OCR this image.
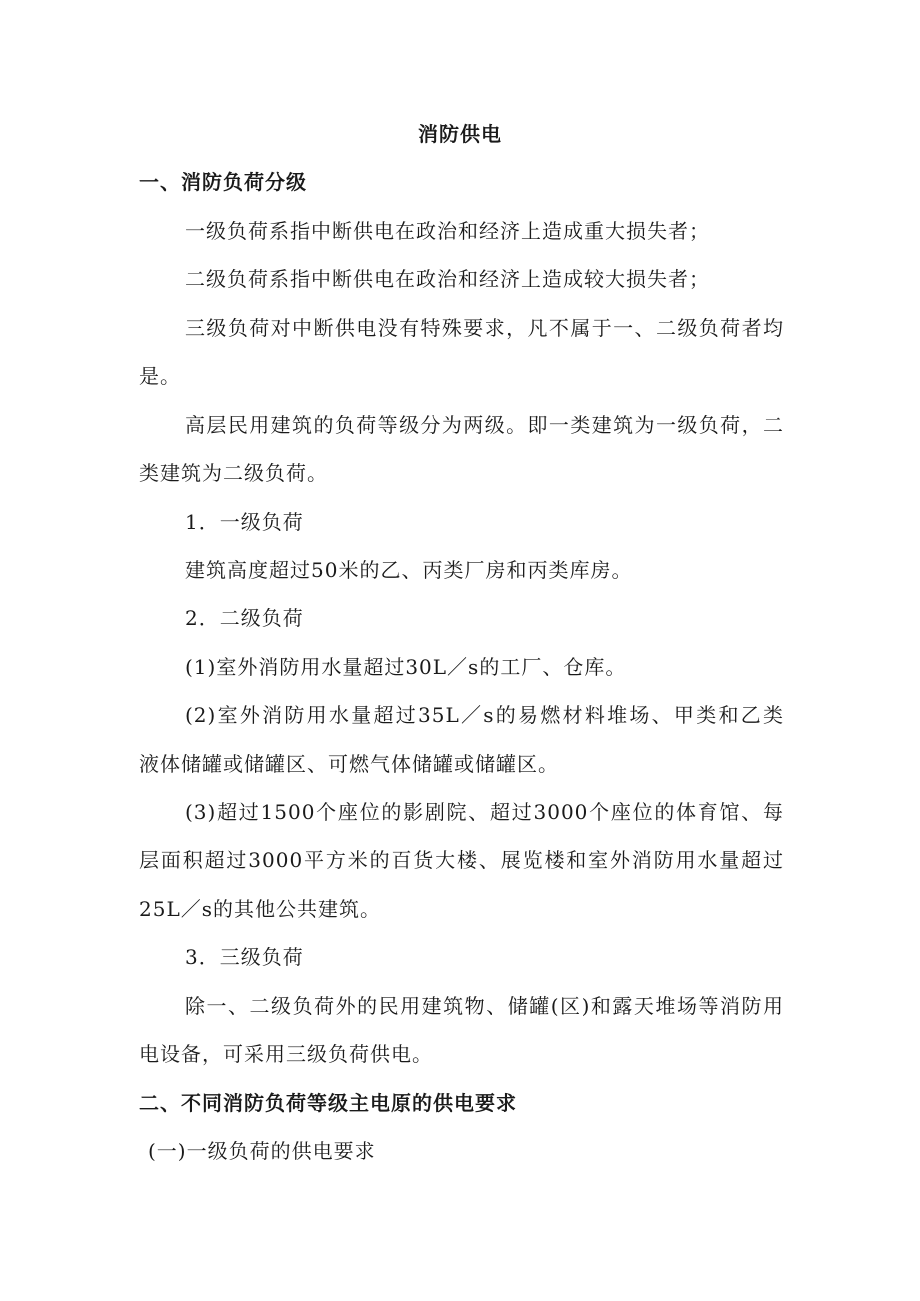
消防供电
一、消防负荷分级
一级负荷系指中断供电在政治和经济上造成重大损失者；
二级负荷系指中断供电在政治和经济上造成较大损失者；
三级负荷对中断供电没有特殊要求，凡不属于一、二级负荷者均
是。
高层民用建筑的负荷等级分为两级。即一类建筑为一级负荷，二
类建筑为二级负荷。
1．一级负荷
建筑高度超过50米的乙、丙类厂房和丙类库房。
2．二级负荷
(1)室外消防用水量超过30L／s的工厂、仓库。
(2)室外消防用水量超过35L／s的易燃材料堆场、甲类和乙类
液体储罐或储罐区、可燃气体储罐或储罐区。
(3)超过1500个座位的影剧院、超过3000个座位的体育馆、每
层面积超过3000平方米的百货大楼、展览楼和室外消防用水量超过
25L／s的其他公共建筑。
3．三级负荷
除一、二级负荷外的民用建筑物、储罐(区)和露天堆场等消防用
电设备，可采用三级负荷供电。
二、不同消防负荷等级主电原的供电要求
(一)一级负荷的供电要求
